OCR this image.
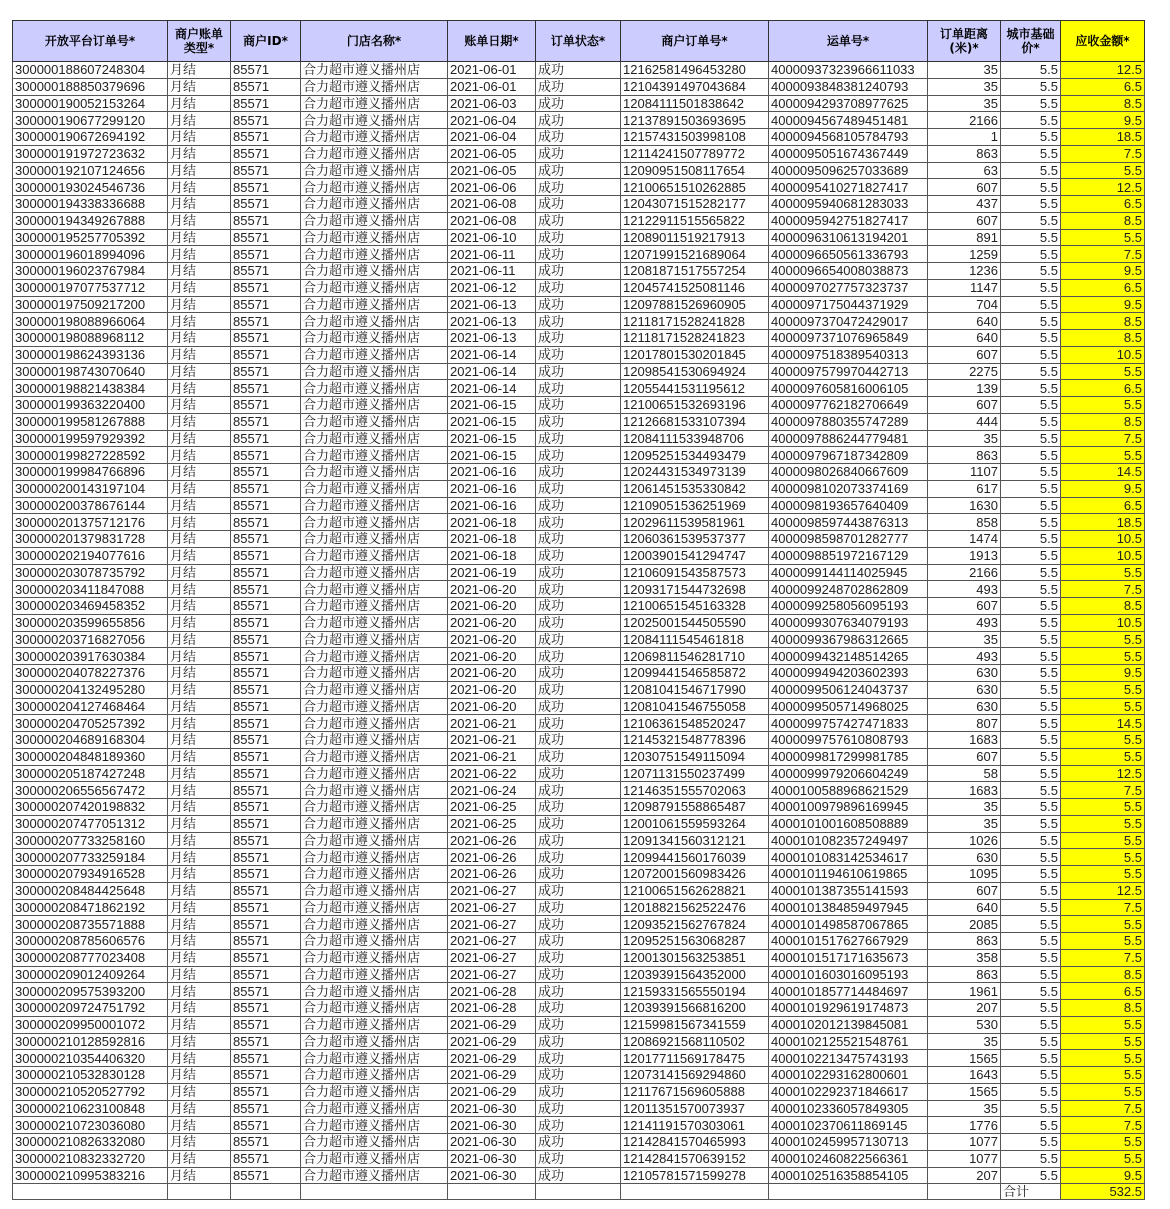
开放平台订单号*	商户账单类型*	商户ID*	门店名称*	账单日期*	订单状态*	商户订单号*	运单号*	订单距离(米)*	城市基础价*	应收金额*
300000188607248304	月结	85571	合力超市遵义播州店	2021-06-01	成功	12162581496453280	40000937323966611033	35	5.5	12.5
300000188850379696	月结	85571	合力超市遵义播州店	2021-06-01	成功	12104391497043684	4000093848381240793	35	5.5	6.5
300000190052153264	月结	85571	合力超市遵义播州店	2021-06-03	成功	12084111501838642	4000094293708977625	35	5.5	8.5
300000190677299120	月结	85571	合力超市遵义播州店	2021-06-04	成功	12137891503693695	4000094567489451481	2166	5.5	9.5
300000190672694192	月结	85571	合力超市遵义播州店	2021-06-04	成功	12157431503998108	4000094568105784793	1	5.5	18.5
300000191972723632	月结	85571	合力超市遵义播州店	2021-06-05	成功	12114241507789772	4000095051674367449	863	5.5	7.5
300000192107124656	月结	85571	合力超市遵义播州店	2021-06-05	成功	12090951508117654	4000095096257033689	63	5.5	5.5
300000193024546736	月结	85571	合力超市遵义播州店	2021-06-06	成功	12100651510262885	4000095410271827417	607	5.5	12.5
300000194338336688	月结	85571	合力超市遵义播州店	2021-06-08	成功	12043071515282177	4000095940681283033	437	5.5	6.5
300000194349267888	月结	85571	合力超市遵义播州店	2021-06-08	成功	12122911515565822	4000095942751827417	607	5.5	8.5
300000195257705392	月结	85571	合力超市遵义播州店	2021-06-10	成功	12089011519217913	4000096310613194201	891	5.5	5.5
300000196018994096	月结	85571	合力超市遵义播州店	2021-06-11	成功	12071991521689064	4000096650561336793	1259	5.5	7.5
300000196023767984	月结	85571	合力超市遵义播州店	2021-06-11	成功	12081871517557254	4000096654008038873	1236	5.5	9.5
300000197077537712	月结	85571	合力超市遵义播州店	2021-06-12	成功	12045741525081146	4000097027757323737	1147	5.5	6.5
300000197509217200	月结	85571	合力超市遵义播州店	2021-06-13	成功	12097881526960905	4000097175044371929	704	5.5	9.5
300000198088966064	月结	85571	合力超市遵义播州店	2021-06-13	成功	12118171528241828	4000097370472429017	640	5.5	8.5
300000198088968112	月结	85571	合力超市遵义播州店	2021-06-13	成功	12118171528241823	4000097371076965849	640	5.5	8.5
300000198624393136	月结	85571	合力超市遵义播州店	2021-06-14	成功	12017801530201845	4000097518389540313	607	5.5	10.5
300000198743070640	月结	85571	合力超市遵义播州店	2021-06-14	成功	12098541530694924	4000097579970442713	2275	5.5	5.5
300000198821438384	月结	85571	合力超市遵义播州店	2021-06-14	成功	12055441531195612	4000097605816006105	139	5.5	6.5
300000199363220400	月结	85571	合力超市遵义播州店	2021-06-15	成功	12100651532693196	4000097762182706649	607	5.5	5.5
300000199581267888	月结	85571	合力超市遵义播州店	2021-06-15	成功	12126681533107394	4000097880355747289	444	5.5	8.5
300000199597929392	月结	85571	合力超市遵义播州店	2021-06-15	成功	12084111533948706	4000097886244779481	35	5.5	7.5
300000199827228592	月结	85571	合力超市遵义播州店	2021-06-15	成功	12095251534493479	4000097967187342809	863	5.5	5.5
300000199984766896	月结	85571	合力超市遵义播州店	2021-06-16	成功	12024431534973139	4000098026840667609	1107	5.5	14.5
300000200143197104	月结	85571	合力超市遵义播州店	2021-06-16	成功	12061451535330842	4000098102073374169	617	5.5	9.5
300000200378676144	月结	85571	合力超市遵义播州店	2021-06-16	成功	12109051536251969	4000098193657640409	1630	5.5	6.5
300000201375712176	月结	85571	合力超市遵义播州店	2021-06-18	成功	12029611539581961	4000098597443876313	858	5.5	18.5
300000201379831728	月结	85571	合力超市遵义播州店	2021-06-18	成功	12060361539537377	4000098598701282777	1474	5.5	10.5
300000202194077616	月结	85571	合力超市遵义播州店	2021-06-18	成功	12003901541294747	4000098851972167129	1913	5.5	10.5
300000203078735792	月结	85571	合力超市遵义播州店	2021-06-19	成功	12106091543587573	4000099144114025945	2166	5.5	5.5
300000203411847088	月结	85571	合力超市遵义播州店	2021-06-20	成功	12093171544732698	4000099248702862809	493	5.5	7.5
300000203469458352	月结	85571	合力超市遵义播州店	2021-06-20	成功	12100651545163328	4000099258056095193	607	5.5	8.5
300000203599655856	月结	85571	合力超市遵义播州店	2021-06-20	成功	12025001544505590	4000099307634079193	493	5.5	10.5
300000203716827056	月结	85571	合力超市遵义播州店	2021-06-20	成功	12084111545461818	4000099367986312665	35	5.5	5.5
300000203917630384	月结	85571	合力超市遵义播州店	2021-06-20	成功	12069811546281710	4000099432148514265	493	5.5	5.5
300000204078227376	月结	85571	合力超市遵义播州店	2021-06-20	成功	12099441546585872	4000099494203602393	630	5.5	9.5
300000204132495280	月结	85571	合力超市遵义播州店	2021-06-20	成功	12081041546717990	4000099506124043737	630	5.5	5.5
300000204127468464	月结	85571	合力超市遵义播州店	2021-06-20	成功	12081041546755058	4000099505714968025	630	5.5	5.5
300000204705257392	月结	85571	合力超市遵义播州店	2021-06-21	成功	12106361548520247	4000099757427471833	807	5.5	14.5
300000204689168304	月结	85571	合力超市遵义播州店	2021-06-21	成功	12145321548778396	4000099757610808793	1683	5.5	5.5
300000204848189360	月结	85571	合力超市遵义播州店	2021-06-21	成功	12030751549115094	4000099817299981785	607	5.5	5.5
300000205187427248	月结	85571	合力超市遵义播州店	2021-06-22	成功	12071131550237499	4000099979206604249	58	5.5	12.5
300000206556567472	月结	85571	合力超市遵义播州店	2021-06-24	成功	12146351555702063	4000100588968621529	1683	5.5	7.5
300000207420198832	月结	85571	合力超市遵义播州店	2021-06-25	成功	12098791558865487	4000100979896169945	35	5.5	5.5
300000207477051312	月结	85571	合力超市遵义播州店	2021-06-25	成功	12001061559593264	4000101001608508889	35	5.5	5.5
300000207733258160	月结	85571	合力超市遵义播州店	2021-06-26	成功	12091341560312121	4000101082357249497	1026	5.5	5.5
300000207733259184	月结	85571	合力超市遵义播州店	2021-06-26	成功	12099441560176039	4000101083142534617	630	5.5	5.5
300000207934916528	月结	85571	合力超市遵义播州店	2021-06-26	成功	12072001560983426	4000101194610619865	1095	5.5	5.5
300000208484425648	月结	85571	合力超市遵义播州店	2021-06-27	成功	12100651562628821	4000101387355141593	607	5.5	12.5
300000208471862192	月结	85571	合力超市遵义播州店	2021-06-27	成功	12018821562522476	4000101384859497945	640	5.5	7.5
300000208735571888	月结	85571	合力超市遵义播州店	2021-06-27	成功	12093521562767824	4000101498587067865	2085	5.5	5.5
300000208785606576	月结	85571	合力超市遵义播州店	2021-06-27	成功	12095251563068287	4000101517627667929	863	5.5	5.5
300000208777023408	月结	85571	合力超市遵义播州店	2021-06-27	成功	12001301563253851	4000101517171635673	358	5.5	7.5
300000209012409264	月结	85571	合力超市遵义播州店	2021-06-27	成功	12039391564352000	4000101603016095193	863	5.5	8.5
300000209575393200	月结	85571	合力超市遵义播州店	2021-06-28	成功	12159331565550194	4000101857714484697	1961	5.5	6.5
300000209724751792	月结	85571	合力超市遵义播州店	2021-06-28	成功	12039391566816200	4000101929619174873	207	5.5	8.5
300000209950001072	月结	85571	合力超市遵义播州店	2021-06-29	成功	12159981567341559	4000102012139845081	530	5.5	5.5
300000210128592816	月结	85571	合力超市遵义播州店	2021-06-29	成功	12086921568110502	4000102125521548761	35	5.5	5.5
300000210354406320	月结	85571	合力超市遵义播州店	2021-06-29	成功	12017711569178475	4000102213475743193	1565	5.5	5.5
300000210532830128	月结	85571	合力超市遵义播州店	2021-06-29	成功	12073141569294860	4000102293162800601	1643	5.5	5.5
300000210520527792	月结	85571	合力超市遵义播州店	2021-06-29	成功	12117671569605888	4000102292371846617	1565	5.5	5.5
300000210623100848	月结	85571	合力超市遵义播州店	2021-06-30	成功	12011351570073937	4000102336057849305	35	5.5	7.5
300000210723036080	月结	85571	合力超市遵义播州店	2021-06-30	成功	12141191570303061	4000102370611869145	1776	5.5	7.5
300000210826332080	月结	85571	合力超市遵义播州店	2021-06-30	成功	12142841570465993	4000102459957130713	1077	5.5	5.5
300000210832332720	月结	85571	合力超市遵义播州店	2021-06-30	成功	12142841570639152	4000102460822566361	1077	5.5	5.5
300000210995383216	月结	85571	合力超市遵义播州店	2021-06-30	成功	12105781571599278	4000102516358854105	207	5.5	9.5
									合计	532.5
